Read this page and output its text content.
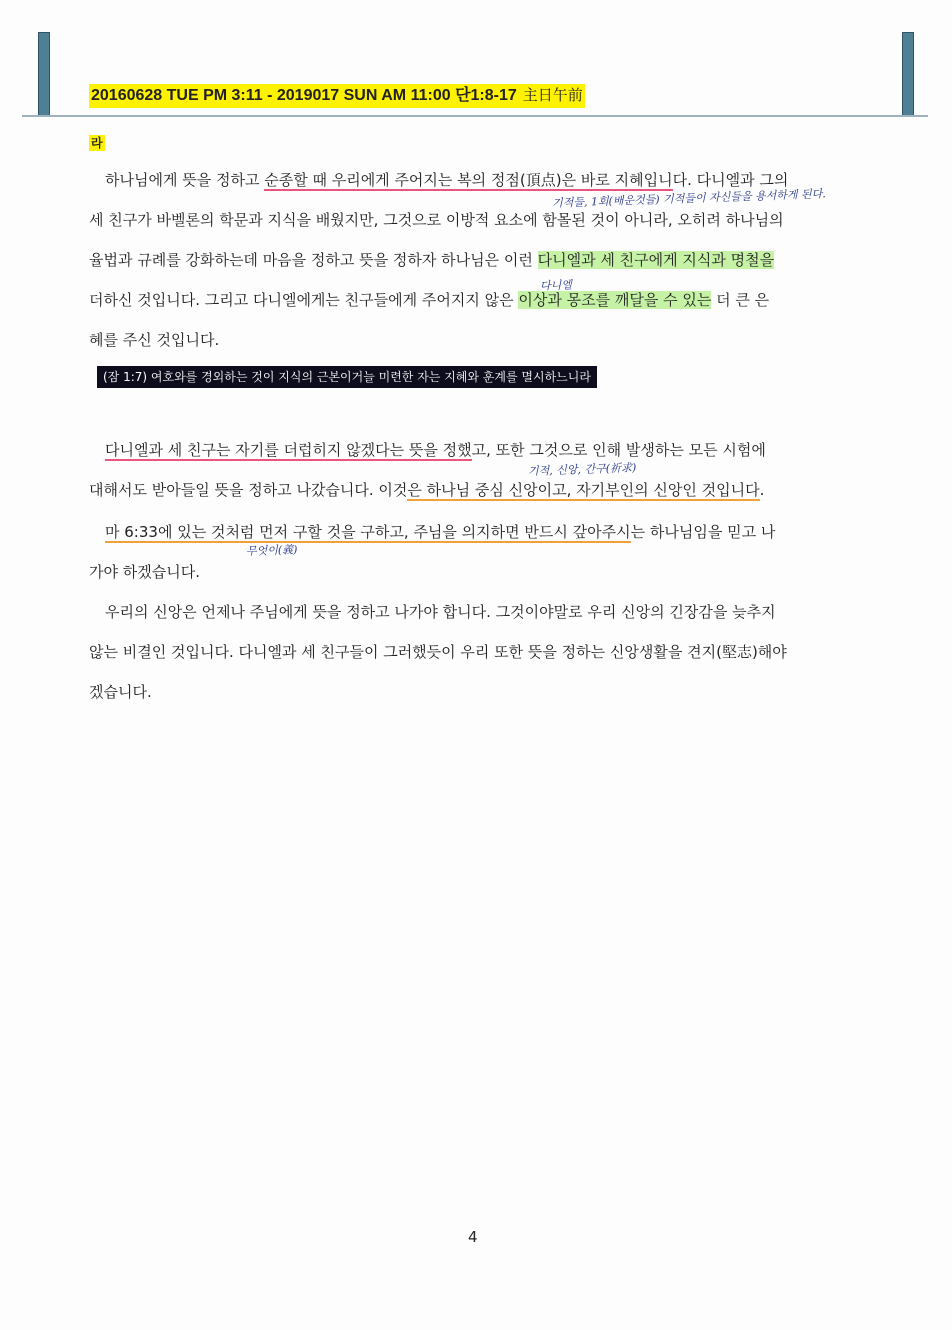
20160628 TUE PM 3:11 - 2019017 SUN AM 11:00 단1:8-17 主日午前
라
하나님에게 뜻을 정하고 순종할 때 우리에게 주어지는 복의 정점(頂点)은 바로 지혜입니다. 다니엘과 그의
세 친구가 바벨론의 학문과 지식을 배웠지만, 그것으로 이방적 요소에 함몰된 것이 아니라, 오히려 하나님의
율법과 규례를 강화하는데 마음을 정하고 뜻을 정하자 하나님은 이런 다니엘과 세 친구에게 지식과 명철을
더하신 것입니다. 그리고 다니엘에게는 친구들에게 주어지지 않은 이상과 몽조를 깨달을 수 있는 더 큰 은
혜를 주신 것입니다.
기적들, 1회(배운것들) 기적들이 자신들을 용서하게 된다.
다니엘
(잠 1:7) 여호와를 경외하는 것이 지식의 근본이거늘 미련한 자는 지혜와 훈계를 멸시하느니라
다니엘과 세 친구는 자기를 더럽히지 않겠다는 뜻을 정했고, 또한 그것으로 인해 발생하는 모든 시험에
대해서도 받아들일 뜻을 정하고 나갔습니다. 이것은 하나님 중심 신앙이고, 자기부인의 신앙인 것입니다.
기적, 신앙, 간구(祈求)
마 6:33에 있는 것처럼 먼저 구할 것을 구하고, 주님을 의지하면 반드시 갚아주시는 하나님임을 믿고 나
가야 하겠습니다.
무엇이(義)
우리의 신앙은 언제나 주님에게 뜻을 정하고 나가야 합니다. 그것이야말로 우리 신앙의 긴장감을 늦추지
않는 비결인 것입니다. 다니엘과 세 친구들이 그러했듯이 우리 또한 뜻을 정하는 신앙생활을 견지(堅志)해야
겠습니다.
4
